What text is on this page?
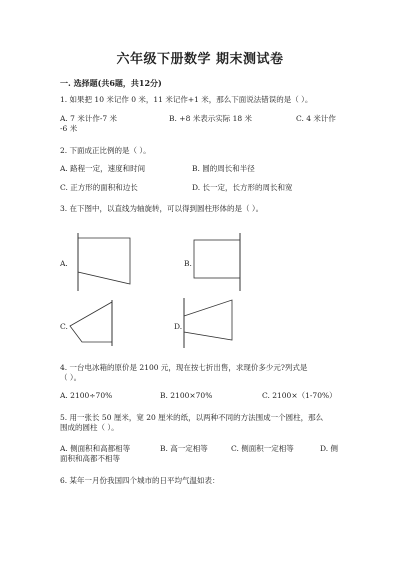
六年级下册数学 期末测试卷
一. 选择题(共6题，共12分)
1. 如果把 10 米记作 0 米，11 米记作+1 米，那么下面说法错误的是（ ）。
A. 7 米计作-7 米	B. +8 米表示实际 18 米	C. 4 米计作
-6 米
2. 下面成正比例的是（ ）。
A. 路程一定，速度和时间	B. 圆的周长和半径
C. 正方形的面积和边长	D. 长一定，长方形的周长和宽
3. 在下图中，以直线为轴旋转，可以得到圆柱形体的是（ ）。
A.	B.
C.	D.
4. 一台电冰箱的原价是 2100 元，现在按七折出售，求现价多少元?列式是
（ ）。
A. 2100÷70%	B. 2100×70%	C. 2100×（1-70%）
5. 用一张长 50 厘米，宽 20 厘米的纸，以两种不同的方法围成一个圆柱，那么
围成的圆柱（ ）。
A. 侧面积和高都相等	B. 高一定相等	C. 侧面积一定相等	D. 侧
面积和高都不相等
6. 某年一月份我国四个城市的日平均气温如表：
